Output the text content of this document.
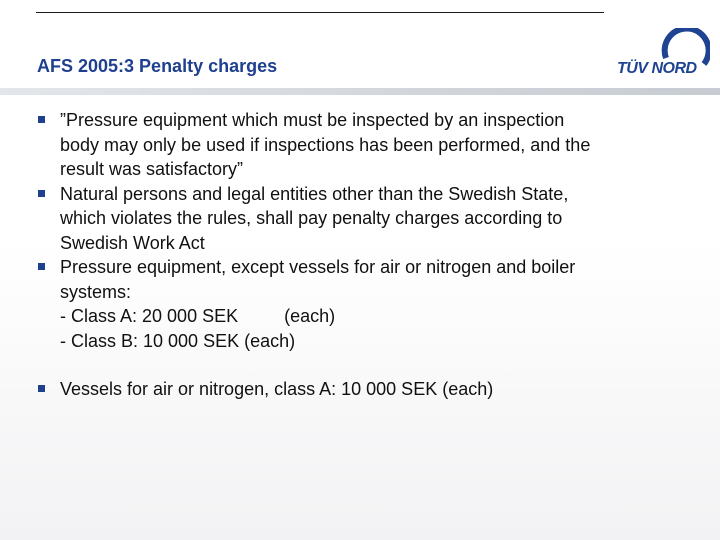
AFS 2005:3 Penalty charges	TÜV NORD
”Pressure equipment which must be inspected by an inspection
body may only be used if inspections has been performed, and the
result was satisfactory”
Natural persons and legal entities other than the Swedish State,
which violates the rules, shall pay penalty charges according to
Swedish Work Act
Pressure equipment, except vessels for air or nitrogen and boiler
systems:
- Class A: 20 000 SEK	(each)
- Class B: 10 000 SEK (each)
Vessels for air or nitrogen, class A: 10 000 SEK (each)
